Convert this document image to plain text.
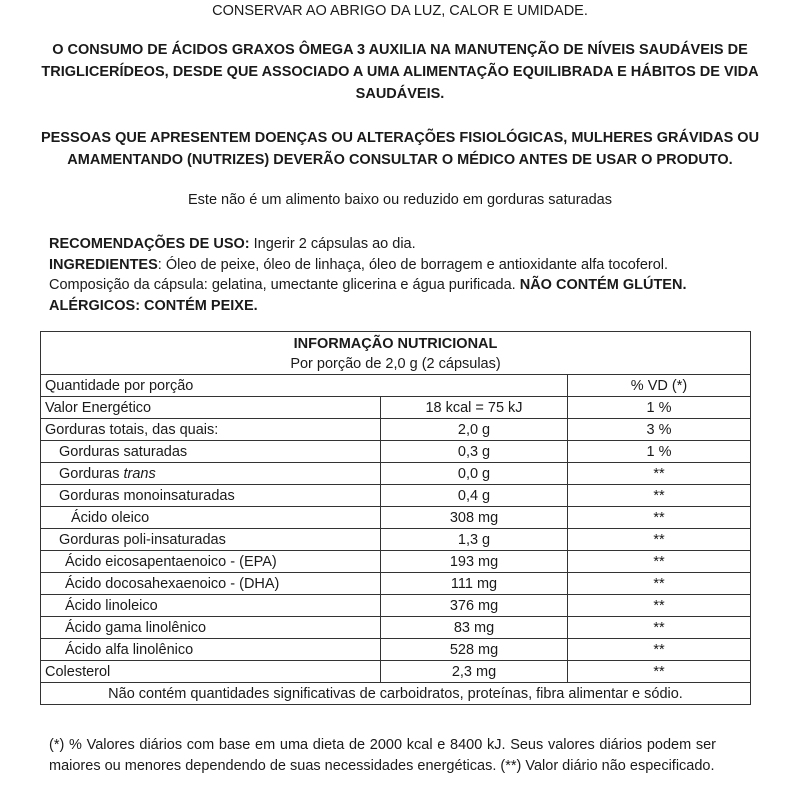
CONSERVAR AO ABRIGO DA LUZ, CALOR E UMIDADE.
O CONSUMO DE ÁCIDOS GRAXOS ÔMEGA 3 AUXILIA NA MANUTENÇÃO DE NÍVEIS SAUDÁVEIS DE TRIGLICERÍDEOS, DESDE QUE ASSOCIADO A UMA ALIMENTAÇÃO EQUILIBRADA E HÁBITOS DE VIDA SAUDÁVEIS.
PESSOAS QUE APRESENTEM DOENÇAS OU ALTERAÇÕES FISIOLÓGICAS, MULHERES GRÁVIDAS OU AMAMENTANDO (NUTRIZES) DEVERÃO CONSULTAR O MÉDICO ANTES DE USAR O PRODUTO.
Este não é um alimento baixo ou reduzido em gorduras saturadas
RECOMENDAÇÕES DE USO: Ingerir 2 cápsulas ao dia.
INGREDIENTES: Óleo de peixe, óleo de linhaça, óleo de borragem e antioxidante alfa tocoferol.
Composição da cápsula: gelatina, umectante glicerina e água purificada. NÃO CONTÉM GLÚTEN.
ALÉRGICOS: CONTÉM PEIXE.
INFORMAÇÃO NUTRICIONAL
Por porção de 2,0 g (2 cápsulas)		

Quantidade por porção		% VD (*)
Valor Energético	18 kcal = 75 kJ	1 %
Gorduras totais, das quais:	2,0 g	3 %
Gorduras saturadas	0,3 g	1 %
Gorduras trans	0,0 g	**
Gorduras monoinsaturadas	0,4 g	**
Ácido oleico	308 mg	**
Gorduras poli-insaturadas	1,3 g	**
Ácido eicosapentaenoico - (EPA)	193 mg	**
Ácido docosahexaenoico - (DHA)	111 mg	**
Ácido linoleico	376 mg	**
Ácido gama linolênico	83 mg	**
Ácido alfa linolênico	528 mg	**
Colesterol	2,3 mg	**
Não contém quantidades significativas de carboidratos, proteínas, fibra alimentar e sódio.		
(*) % Valores diários com base em uma dieta de 2000 kcal e 8400 kJ. Seus valores diários podem ser maiores ou menores dependendo de suas necessidades energéticas. (**) Valor diário não especificado.
